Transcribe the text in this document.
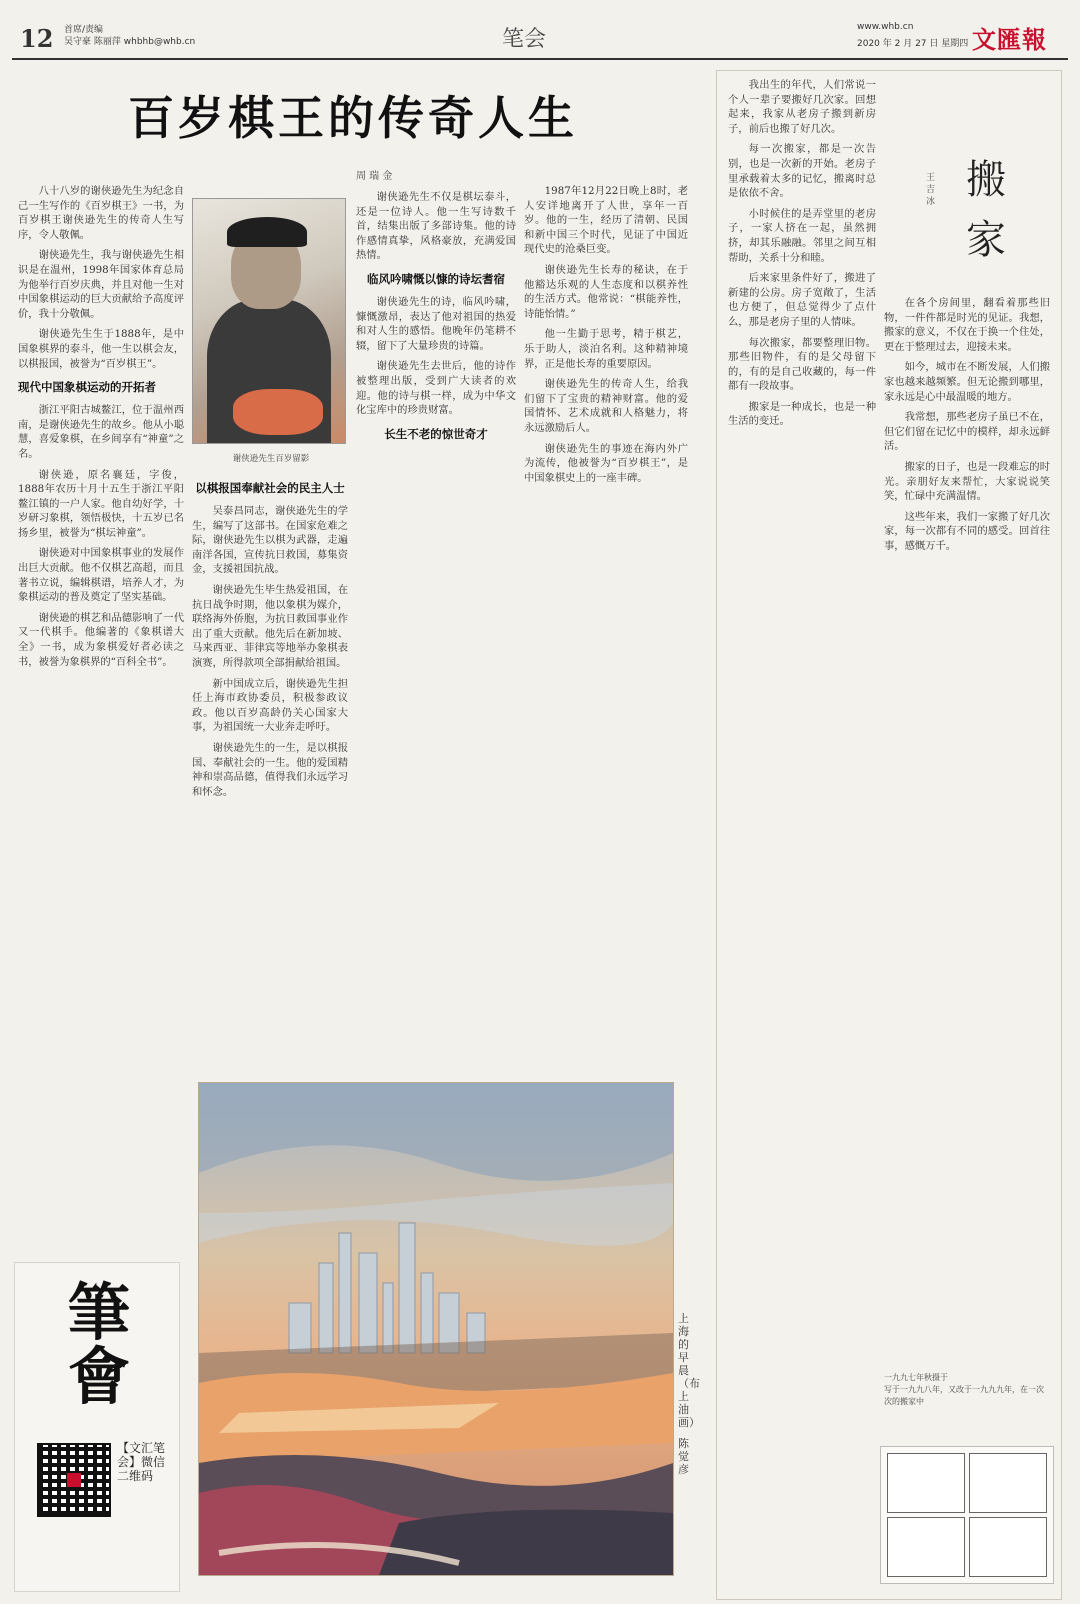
12 首席/责编
吴守豪 陈丽萍 whbhb@whb.cn	笔会	www.whb.cn
2020 年 2 月 27 日 星期四 文匯報
百岁棋王的传奇人生
周 瑞 金

八十八岁的谢侠逊先生为纪念自己一生写作的《百岁棋王》一书，为百岁棋王谢侠逊先生的传奇人生写序，令人敬佩。

谢侠逊先生，我与谢侠逊先生相识是在温州，1998年国家体育总局为他举行百岁庆典，并且对他一生对中国象棋运动的巨大贡献给予高度评价，我十分敬佩。

谢侠逊先生生于1888年，是中国象棋界的泰斗，他一生以棋会友，以棋报国，被誉为“百岁棋王”。

现代中国象棋运动的开拓者

浙江平阳古城鳌江，位于温州西南，是谢侠逊先生的故乡。他从小聪慧，喜爱象棋，在乡间享有“神童”之名。

谢侠逊，原名襄廷，字俊，1888年农历十月十五生于浙江平阳鳌江镇的一户人家。他自幼好学，十岁研习象棋，领悟极快，十五岁已名扬乡里，被誉为“棋坛神童”。

谢侠逊对中国象棋事业的发展作出巨大贡献。他不仅棋艺高超，而且著书立说，编辑棋谱，培养人才，为象棋运动的普及奠定了坚实基础。

谢侠逊的棋艺和品德影响了一代又一代棋手。他编著的《象棋谱大全》一书，成为象棋爱好者必读之书，被誉为象棋界的“百科全书”。

谢侠逊先生百岁留影
以棋报国奉献社会的民主人士

吴泰昌同志，谢侠逊先生的学生，编写了这部书。在国家危难之际，谢侠逊先生以棋为武器，走遍南洋各国，宣传抗日救国，募集资金，支援祖国抗战。

谢侠逊先生毕生热爱祖国，在抗日战争时期，他以象棋为媒介，联络海外侨胞，为抗日救国事业作出了重大贡献。他先后在新加坡、马来西亚、菲律宾等地举办象棋表演赛，所得款项全部捐献给祖国。

新中国成立后，谢侠逊先生担任上海市政协委员，积极参政议政。他以百岁高龄仍关心国家大事，为祖国统一大业奔走呼吁。

谢侠逊先生的一生，是以棋报国、奉献社会的一生。他的爱国精神和崇高品德，值得我们永远学习和怀念。

谢侠逊先生不仅是棋坛泰斗，还是一位诗人。他一生写诗数千首，结集出版了多部诗集。他的诗作感情真挚，风格豪放，充满爱国热情。

临风吟啸慨以慷的诗坛耆宿

谢侠逊先生的诗，临风吟啸，慷慨激昂，表达了他对祖国的热爱和对人生的感悟。他晚年仍笔耕不辍，留下了大量珍贵的诗篇。

谢侠逊先生去世后，他的诗作被整理出版，受到广大读者的欢迎。他的诗与棋一样，成为中华文化宝库中的珍贵财富。

长生不老的惊世奇才

1987年12月22日晚上8时，老人安详地离开了人世，享年一百岁。他的一生，经历了清朝、民国和新中国三个时代，见证了中国近现代史的沧桑巨变。

谢侠逊先生长寿的秘诀，在于他豁达乐观的人生态度和以棋养性的生活方式。他常说：“棋能养性，诗能怡情。”

他一生勤于思考，精于棋艺，乐于助人，淡泊名利。这种精神境界，正是他长寿的重要原因。

谢侠逊先生的传奇人生，给我们留下了宝贵的精神财富。他的爱国情怀、艺术成就和人格魅力，将永远激励后人。

谢侠逊先生的事迹在海内外广为流传，他被誉为“百岁棋王”，是中国象棋史上的一座丰碑。

上海的早晨（布上油画）
陈 觉 彦
筆會
【文汇笔会】微信二维码
搬家
王 吉 冰

我出生的年代，人们常说一个人一辈子要搬好几次家。回想起来，我家从老房子搬到新房子，前后也搬了好几次。

每一次搬家，都是一次告别，也是一次新的开始。老房子里承载着太多的记忆，搬离时总是依依不舍。

小时候住的是弄堂里的老房子，一家人挤在一起，虽然拥挤，却其乐融融。邻里之间互相帮助，关系十分和睦。

后来家里条件好了，搬进了新建的公房。房子宽敞了，生活也方便了，但总觉得少了点什么，那是老房子里的人情味。

每次搬家，都要整理旧物。那些旧物件，有的是父母留下的，有的是自己收藏的，每一件都有一段故事。

搬家是一种成长，也是一种生活的变迁。

在各个房间里，翻看着那些旧物，一件件都是时光的见证。我想，搬家的意义，不仅在于换一个住处，更在于整理过去，迎接未来。

如今，城市在不断发展，人们搬家也越来越频繁。但无论搬到哪里，家永远是心中最温暖的地方。

我常想，那些老房子虽已不在，但它们留在记忆中的模样，却永远鲜活。

搬家的日子，也是一段难忘的时光。亲朋好友来帮忙，大家说说笑笑，忙碌中充满温情。

这些年来，我们一家搬了好几次家，每一次都有不同的感受。回首往事，感慨万千。

一九九七年秋摄于

写于一九九八年，又改于一九九九年，在一次次的搬家中
